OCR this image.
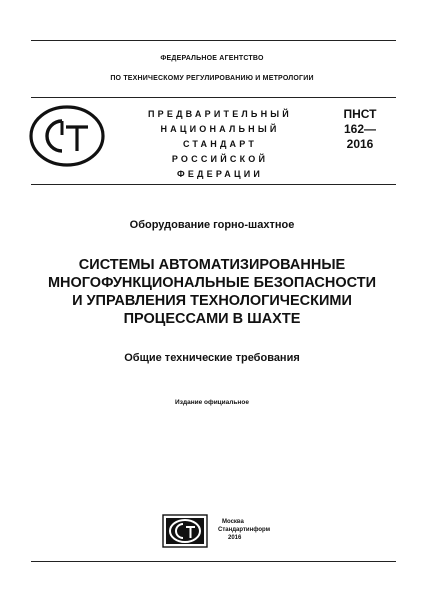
ФЕДЕРАЛЬНОЕ АГЕНТСТВО
ПО ТЕХНИЧЕСКОМУ РЕГУЛИРОВАНИЮ И МЕТРОЛОГИИ
ПРЕДВАРИТЕЛЬНЫЙ
НАЦИОНАЛЬНЫЙ
СТАНДАРТ
РОССИЙСКОЙ
ФЕДЕРАЦИИ
ПНСТ
162—
2016
Оборудование горно-шахтное
СИСТЕМЫ АВТОМАТИЗИРОВАННЫЕ
МНОГОФУНКЦИОНАЛЬНЫЕ БЕЗОПАСНОСТИ
И УПРАВЛЕНИЯ ТЕХНОЛОГИЧЕСКИМИ
ПРОЦЕССАМИ В ШАХТЕ
Общие технические требования
Издание официальное
Москва
Стандартинформ
2016
